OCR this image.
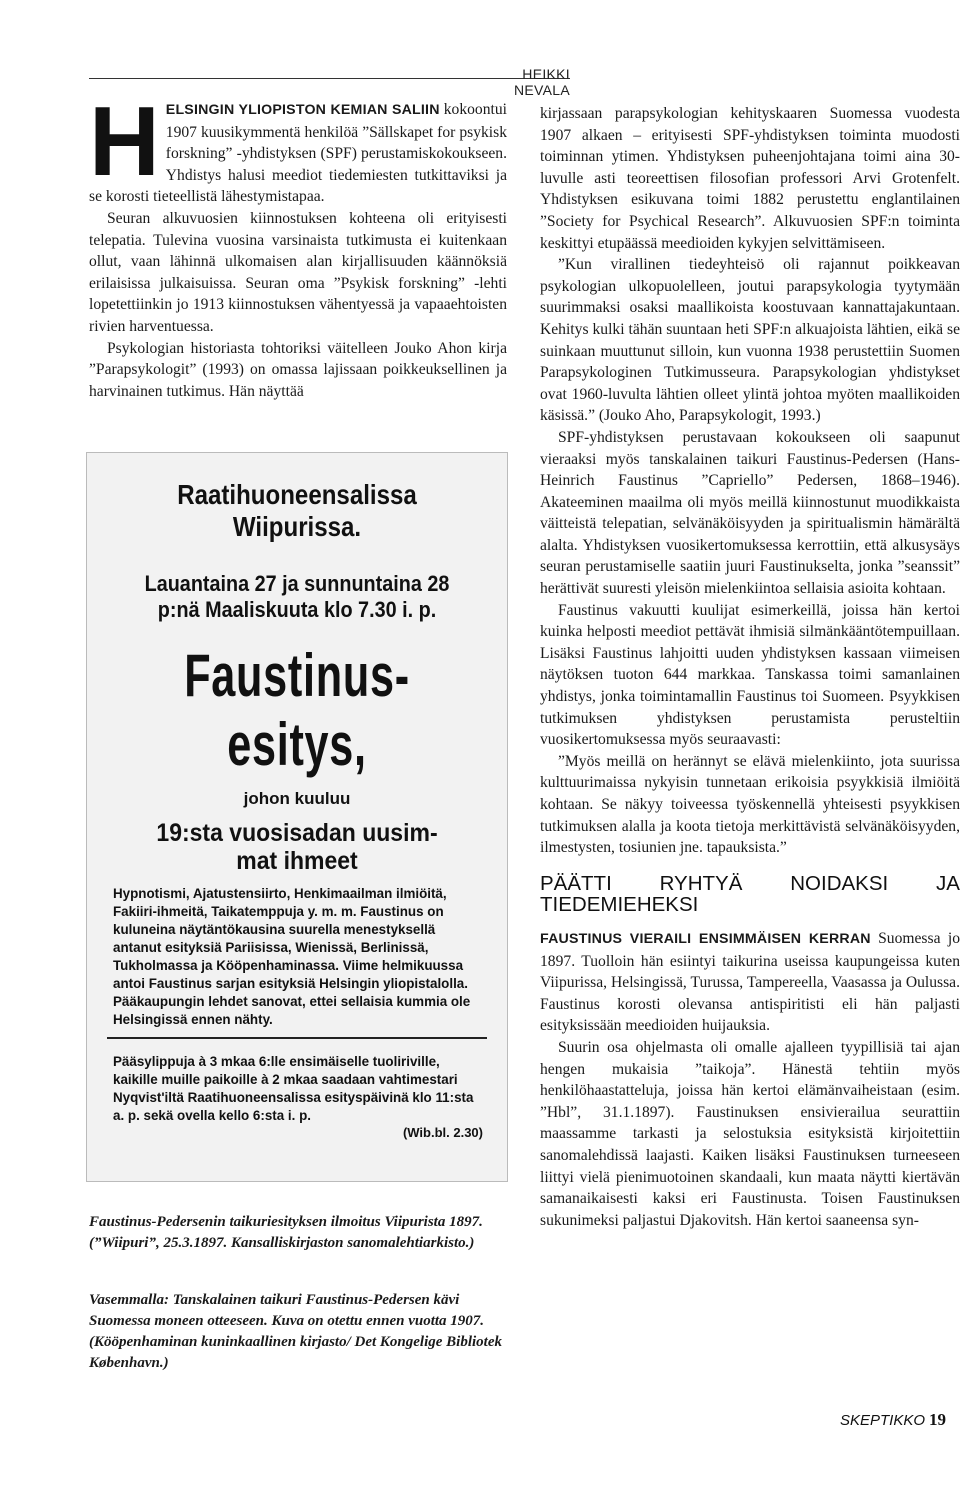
HEIKKI NEVALA

HELSINGIN YLIOPISTON KEMIAN SALIIN kokoontui 1907 kuusikymmentä henkilöä ”Sällskapet for psykisk forskning” -yhdistyksen (SPF) perustamiskokoukseen. Yhdistys halusi meediot tiedemiesten tutkittaviksi ja se korosti tieteellistä lähestymistapaa.

Seuran alkuvuosien kiinnostuksen kohteena oli erityisesti telepatia. Tulevina vuosina varsinaista tutkimusta ei kuitenkaan ollut, vaan lähinnä ulkomaisen alan kirjallisuuden käännöksiä erilaisissa julkaisuissa. Seuran oma ”Psykisk forskning” -lehti lopetettiinkin jo 1913 kiinnostuksen vähentyessä ja vapaaehtoisten rivien harventuessa.

Psykologian historiasta tohtoriksi väitelleen Jouko Ahon kirja ”Parapsykologit” (1993) on omassa lajissaan poikkeuksellinen ja harvinainen tutkimus. Hän näyttää

Raatihuoneensalissa Wiipurissa.
Lauantaina 27 ja sunnuntaina 28
p:nä Maaliskuuta klo 7.30 i. p.
Faustinus-esitys,
johon kuuluu
19:sta vuosisadan uusim-
mat ihmeet
Hypnotismi, Ajatustensiirto, Henkimaailman ilmiöitä, Fakiiri-ihmeitä, Taikatemppuja y. m. m. Faustinus on kuluneina näytäntökausina suurella menestyksellä antanut esityksiä Pariisissa, Wienissä, Berlinissä, Tukholmassa ja Kööpenhaminassa. Viime helmikuussa antoi Faustinus sarjan esityksiä Helsingin yliopistalolla. Pääkaupungin lehdet sanovat, ettei sellaisia kummia ole Helsingissä ennen nähty.
Pääsylippuja à 3 mkaa 6:lle ensimäiselle tuoliriville, kaikille muille paikoille à 2 mkaa saadaan vahtimestari Nyqvist'iltä Raatihuoneensalissa esityspäivinä klo 11:sta a. p. sekä ovella kello 6:sta i. p.
(Wib.bl. 2.30)
Faustinus-Pedersenin taikuriesityksen ilmoitus Viipurista 1897. (”Wiipuri”, 25.3.1897. Kansalliskirjaston sanomalehtiarkisto.)
Vasemmalla: Tanskalainen taikuri Faustinus-Pedersen kävi Suomessa moneen otteeseen. Kuva on otettu ennen vuotta 1907. (Kööpenhaminan kuninkaallinen kirjasto/ Det Kongelige Bibliotek København.)

kirjassaan parapsykologian kehityskaaren Suomessa vuodesta 1907 alkaen – erityisesti SPF-yhdistyksen toiminta muodosti toiminnan ytimen. Yhdistyksen puheenjohtajana toimi aina 30-luvulle asti teoreettisen filosofian professori Arvi Grotenfelt. Yhdistyksen esikuvana toimi 1882 perustettu englantilainen ”Society for Psychical Research”. Alkuvuosien SPF:n toiminta keskittyi etupäässä meedioiden kykyjen selvittämiseen.

”Kun virallinen tiedeyhteisö oli rajannut poikkeavan psykologian ulkopuolelleen, joutui parapsykologia tyytymään suurimmaksi osaksi maallikoista koostuvaan kannattajakuntaan. Kehitys kulki tähän suuntaan heti SPF:n alkuajoista lähtien, eikä se suinkaan muuttunut silloin, kun vuonna 1938 perustettiin Suomen Parapsykologinen Tutkimusseura. Parapsykologian yhdistykset ovat 1960-luvulta lähtien olleet ylintä johtoa myöten maallikoiden käsissä.” (Jouko Aho, Parapsykologit, 1993.)

SPF-yhdistyksen perustavaan kokoukseen oli saapunut vieraaksi myös tanskalainen taikuri Faustinus-Pedersen (Hans-Heinrich Faustinus ”Capriello” Pedersen, 1868–1946). Akateeminen maailma oli myös meillä kiinnostunut muodikkaista väitteistä telepatian, selvänäköisyyden ja spiritualismin hämärältä alalta. Yhdistyksen vuosikertomuksessa kerrottiin, että alkusysäys seuran perustamiselle saatiin juuri Faustinukselta, jonka ”seanssit” herättivät suuresti yleisön mielenkiintoa sellaisia asioita kohtaan.

Faustinus vakuutti kuulijat esimerkeillä, joissa hän kertoi kuinka helposti meediot pettävät ihmisiä silmänkääntötempuillaan. Lisäksi Faustinus lahjoitti uuden yhdistyksen kassaan viimeisen näytöksen tuoton 644 markkaa. Tanskassa toimi samanlainen yhdistys, jonka toimintamallin Faustinus toi Suomeen. Psyykkisen tutkimuksen yhdistyksen perustamista perusteltiin vuosikertomuksessa myös seuraavasti:

”Myös meillä on herännyt se elävä mielenkiinto, jota suurissa kulttuurimaissa nykyisin tunnetaan erikoisia psyykkisiä ilmiöitä kohtaan. Se näkyy toiveessa työskennellä yhteisesti psyykkisen tutkimuksen alalla ja koota tietoja merkittävistä selvänäköisyyden, ilmestysten, tosiunien jne. tapauksista.”

PÄÄTTI RYHTYÄ NOIDAKSI JA TIEDEMIEHEKSI

FAUSTINUS VIERAILI ENSIMMÄISEN KERRAN Suomessa jo 1897. Tuolloin hän esiintyi taikurina useissa kaupungeissa kuten Viipurissa, Helsingissä, Turussa, Tampereella, Vaasassa ja Oulussa. Faustinus korosti olevansa antispiritisti eli hän paljasti esityksissään meedioiden huijauksia.

Suurin osa ohjelmasta oli omalle ajalleen tyypillisiä tai ajan hengen mukaisia ”taikoja”. Hänestä tehtiin myös henkilöhaastatteluja, joissa hän kertoi elämänvaiheistaan (esim. ”Hbl”, 31.1.1897). Faustinuksen ensivierailua seurattiin maassamme tarkasti ja selostuksia esityksistä kirjoitettiin sanomalehdissä laajasti. Kaiken lisäksi Faustinuksen turneeseen liittyi vielä pienimuotoinen skandaali, kun maata näytti kiertävän samanaikaisesti kaksi eri Faustinusta. Toisen Faustinuksen sukunimeksi paljastui Djakovitsh. Hän kertoi saaneensa syn-

SKEPTIKKO 19
